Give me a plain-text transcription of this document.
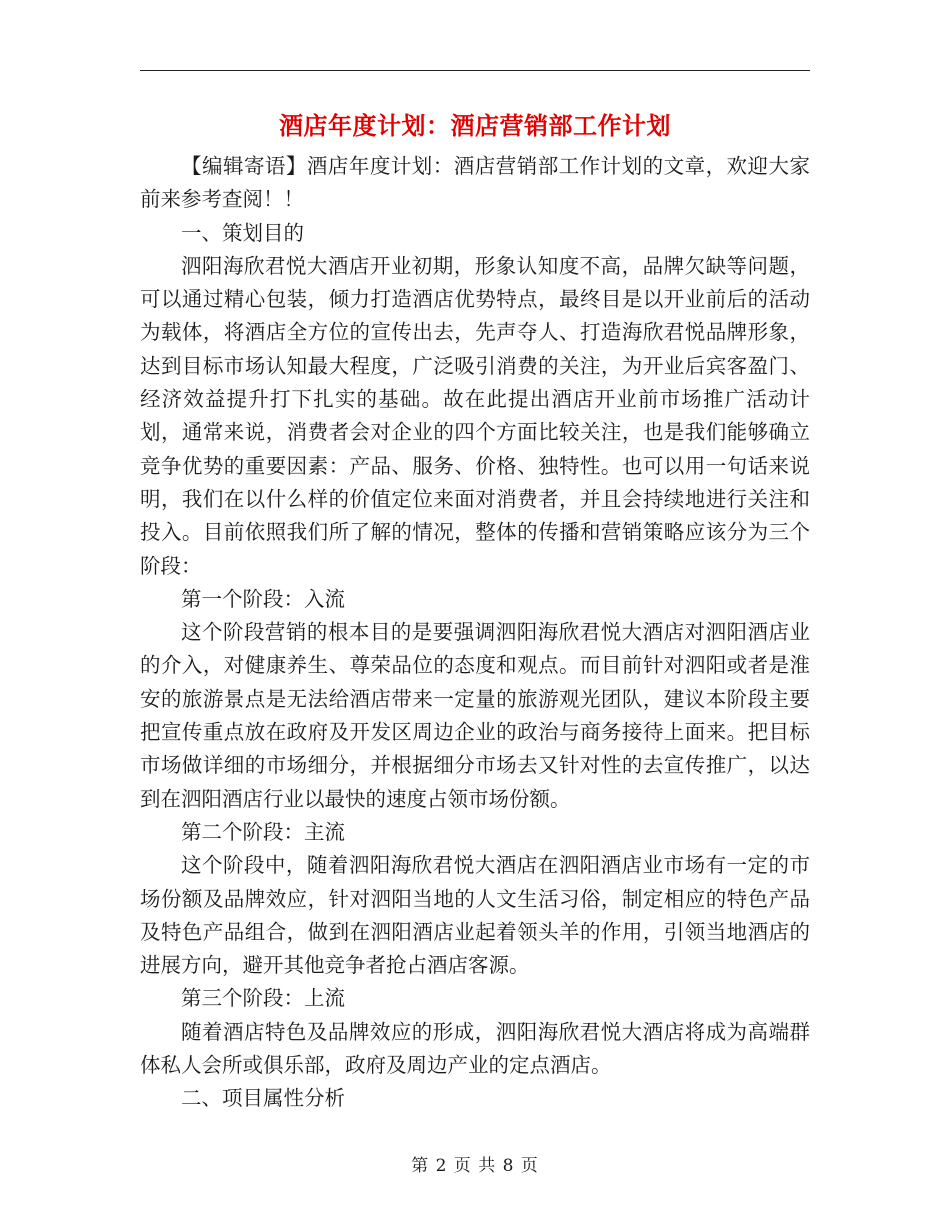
酒店年度计划：酒店营销部工作计划

【编辑寄语】酒店年度计划：酒店营销部工作计划的文章，欢迎大家前来参考查阅！！

一、策划目的

泗阳海欣君悦大酒店开业初期，形象认知度不高，品牌欠缺等问题，可以通过精心包装，倾力打造酒店优势特点，最终目是以开业前后的活动为载体，将酒店全方位的宣传出去，先声夺人、打造海欣君悦品牌形象，达到目标市场认知最大程度，广泛吸引消费的关注，为开业后宾客盈门、经济效益提升打下扎实的基础。故在此提出酒店开业前市场推广活动计划，通常来说，消费者会对企业的四个方面比较关注，也是我们能够确立竞争优势的重要因素：产品、服务、价格、独特性。也可以用一句话来说明，我们在以什么样的价值定位来面对消费者，并且会持续地进行关注和投入。目前依照我们所了解的情况，整体的传播和营销策略应该分为三个阶段：

第一个阶段：入流

这个阶段营销的根本目的是要强调泗阳海欣君悦大酒店对泗阳酒店业的介入，对健康养生、尊荣品位的态度和观点。而目前针对泗阳或者是淮安的旅游景点是无法给酒店带来一定量的旅游观光团队，建议本阶段主要把宣传重点放在政府及开发区周边企业的政治与商务接待上面来。把目标市场做详细的市场细分，并根据细分市场去又针对性的去宣传推广，以达到在泗阳酒店行业以最快的速度占领市场份额。

第二个阶段：主流

这个阶段中，随着泗阳海欣君悦大酒店在泗阳酒店业市场有一定的市场份额及品牌效应，针对泗阳当地的人文生活习俗，制定相应的特色产品及特色产品组合，做到在泗阳酒店业起着领头羊的作用，引领当地酒店的进展方向，避开其他竞争者抢占酒店客源。

第三个阶段：上流

随着酒店特色及品牌效应的形成，泗阳海欣君悦大酒店将成为高端群体私人会所或俱乐部，政府及周边产业的定点酒店。

二、项目属性分析

第 2 页 共 8 页
